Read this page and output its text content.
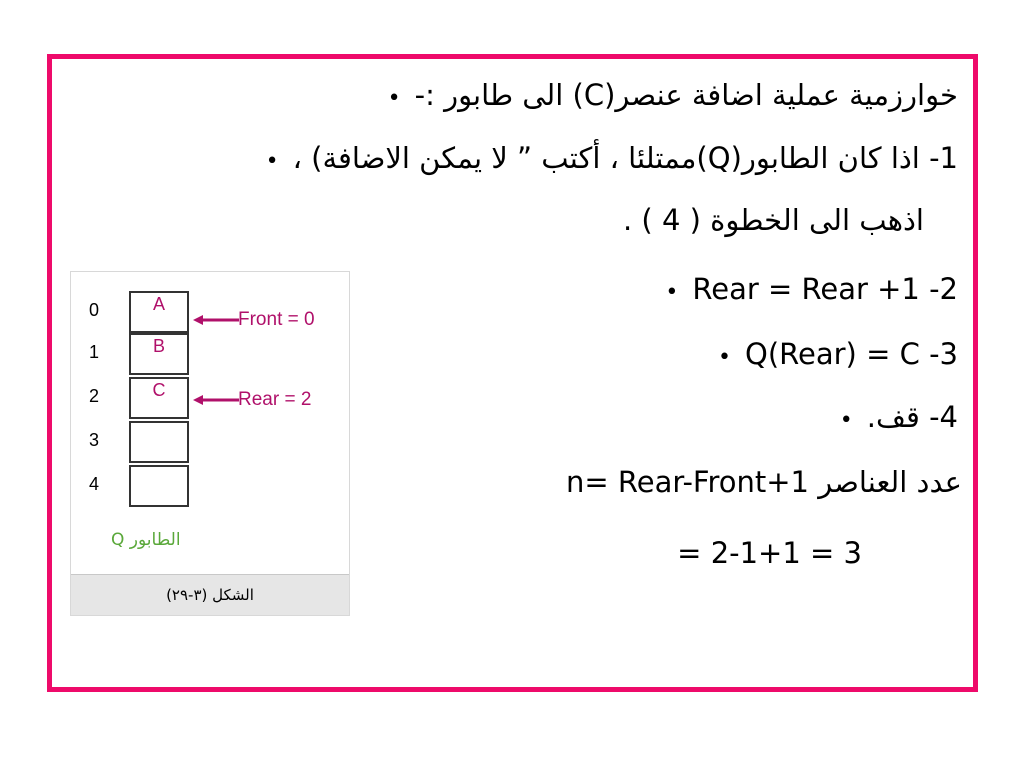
• خوارزمية عملية اضافة عنصر(C) الى طابور :-
• 1- اذا كان الطابور(Q)ممتلئا ، أكتب ” لا يمكن الاضافة) ،
اذهب الى الخطوة ( 4 ) .
• Rear = Rear +1 -2
• Q(Rear) = C -3
• 4- قف.
عدد العناصر n= Rear-Front+1
= 2-1+1 = 3
0
1
2
3
4
A
B
C
Front = 0
Rear = 2
الطابور Q
الشكل (٣-٢٩)
